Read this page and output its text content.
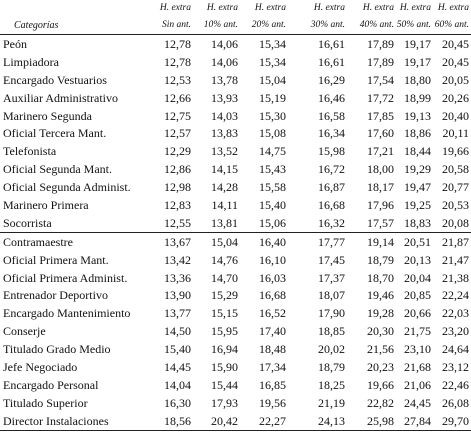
	H. extra	H. extra	H. extra	H. extra	H. extra	H. extra	H. extra
Categorías	Sin ant.	10% ant.	20% ant.	30% ant.	40% ant.	50% ant.	60% ant.
Peón	12,78	14,06	15,34	16,61	17,89	19,17	20,45
Limpiadora	12,78	14,06	15,34	16,61	17,89	19,17	20,45
Encargado Vestuarios	12,53	13,78	15,04	16,29	17,54	18,80	20,05
Auxiliar Administrativo	12,66	13,93	15,19	16,46	17,72	18,99	20,26
Marinero Segunda	12,75	14,03	15,30	16,58	17,85	19,13	20,40
Oficial Tercera Mant.	12,57	13,83	15,08	16,34	17,60	18,86	20,11
Telefonista	12,29	13,52	14,75	15,98	17,21	18,44	19,66
Oficial Segunda Mant.	12,86	14,15	15,43	16,72	18,00	19,29	20,58
Oficial Segunda Administ.	12,98	14,28	15,58	16,87	18,17	19,47	20,77
Marinero Primera	12,83	14,11	15,40	16,68	17,96	19,25	20,53
Socorrista	12,55	13,81	15,06	16,32	17,57	18,83	20,08
Contramaestre	13,67	15,04	16,40	17,77	19,14	20,51	21,87
Oficial Primera Mant.	13,42	14,76	16,10	17,45	18,79	20,13	21,47
Oficial Primera Administ.	13,36	14,70	16,03	17,37	18,70	20,04	21,38
Entrenador Deportivo	13,90	15,29	16,68	18,07	19,46	20,85	22,24
Encargado Mantenimiento	13,77	15,15	16,52	17,90	19,28	20,66	22,03
Conserje	14,50	15,95	17,40	18,85	20,30	21,75	23,20
Titulado Grado Medio	15,40	16,94	18,48	20,02	21,56	23,10	24,64
Jefe Negociado	14,45	15,90	17,34	18,79	20,23	21,68	23,12
Encargado Personal	14,04	15,44	16,85	18,25	19,66	21,06	22,46
Titulado Superior	16,30	17,93	19,56	21,19	22,82	24,45	26,08
Director Instalaciones	18,56	20,42	22,27	24,13	25,98	27,84	29,70
